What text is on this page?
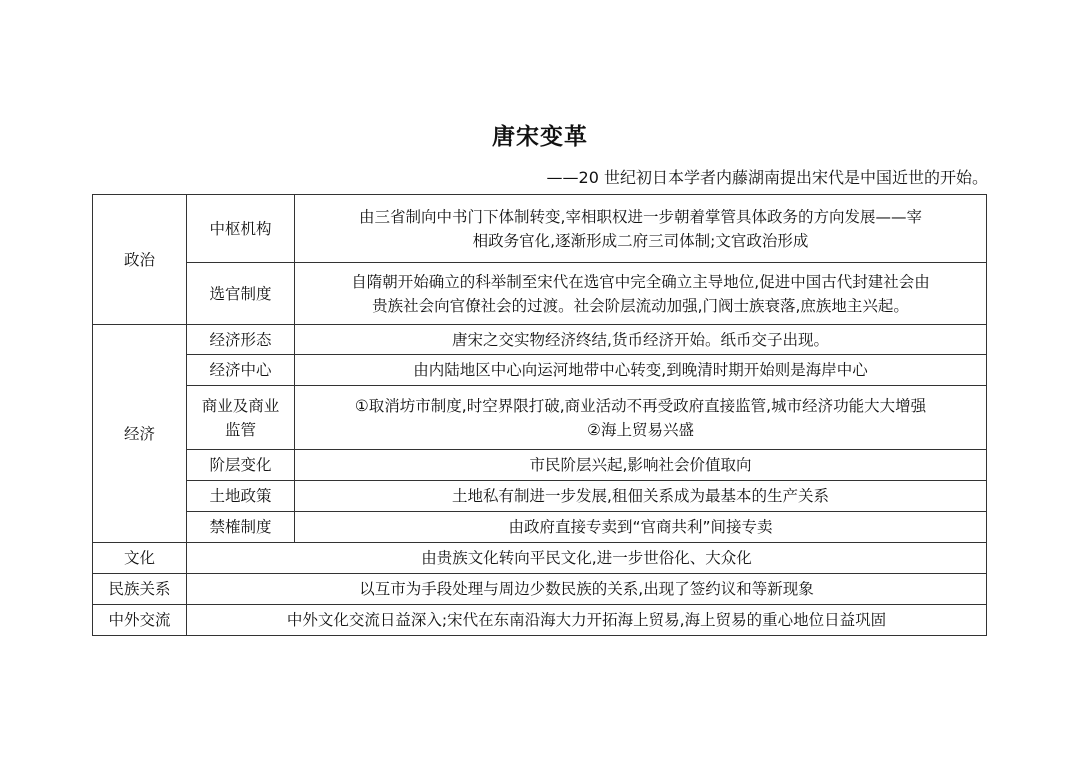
唐宋变革
——20 世纪初日本学者内藤湖南提出宋代是中国近世的开始。
政治	中枢机构	由三省制向中书门下体制转变,宰相职权进一步朝着掌管具体政务的方向发展——宰
相政务官化,逐渐形成二府三司体制;文官政治形成

	选官制度	自隋朝开始确立的科举制至宋代在选官中完全确立主导地位,促进中国古代封建社会由
贵族社会向官僚社会的过渡。社会阶层流动加强,门阀士族衰落,庶族地主兴起。

经济	经济形态	唐宋之交实物经济终结,货币经济开始。纸币交子出现。
	经济中心	由内陆地区中心向运河地带中心转变,到晚清时期开始则是海岸中心

	商业及商业
监管	①取消坊市制度,时空界限打破,商业活动不再受政府直接监管,城市经济功能大大增强
②海上贸易兴盛

	阶层变化	市民阶层兴起,影响社会价值取向
	土地政策	土地私有制进一步发展,租佃关系成为最基本的生产关系
	禁榷制度	由政府直接专卖到“官商共利”间接专卖
文化	由贵族文化转向平民文化,进一步世俗化、大众化	
民族关系	以互市为手段处理与周边少数民族的关系,出现了签约议和等新现象	
中外交流	中外文化交流日益深入;宋代在东南沿海大力开拓海上贸易,海上贸易的重心地位日益巩固	
